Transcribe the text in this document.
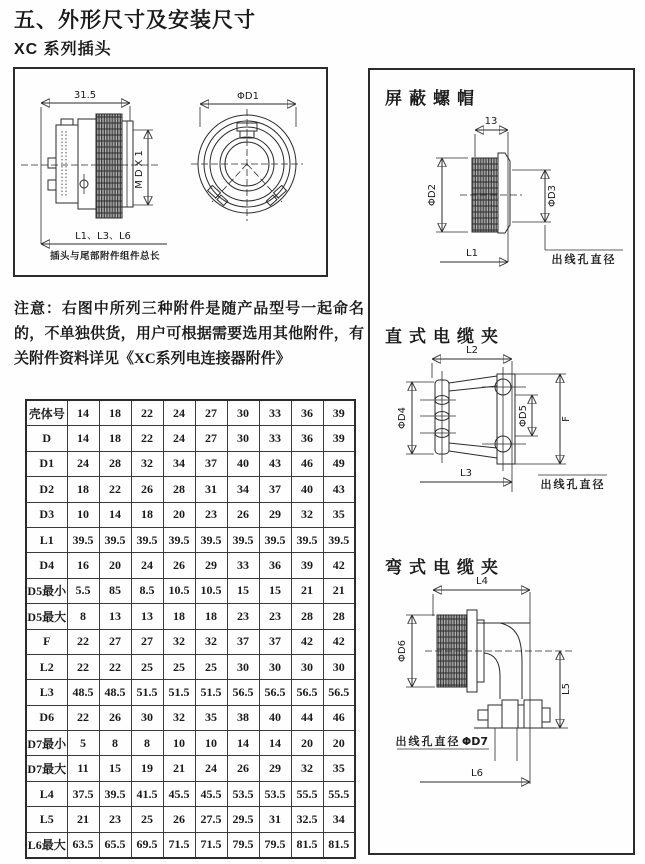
五、外形尺寸及安装尺寸
XC 系列插头
31.5
MDX1
L1、L3、L6
插头与尾部附件组件总长
ΦD1

注意：右图中所列三种附件是随产品型号一起命名的，不单独供货，用户可根据需要选用其他附件，有关附件资料详见《XC系列电连接器附件》

屏蔽螺帽
13
ΦD2	ΦD3
L1	出线孔直径
直式电缆夹
L2
ΦD4	ΦD5	F
L3
出线孔直径
弯式电缆夹
L4
ΦD6
L5
出线孔直径 ΦD7
L6
壳体号	14	18	22	24	27	30	33	36	39
D	14	18	22	24	27	30	33	36	39
D1	24	28	32	34	37	40	43	46	49
D2	18	22	26	28	31	34	37	40	43
D3	10	14	18	20	23	26	29	32	35
L1	39.5	39.5	39.5	39.5	39.5	39.5	39.5	39.5	39.5
D4	16	20	24	26	29	33	36	39	42
D5最小	5.5	85	8.5	10.5	10.5	15	15	21	21
D5最大	8	13	13	18	18	23	23	28	28
F	22	27	27	32	32	37	37	42	42
L2	22	22	25	25	25	30	30	30	30
L3	48.5	48.5	51.5	51.5	51.5	56.5	56.5	56.5	56.5
D6	22	26	30	32	35	38	40	44	46
D7最小	5	8	8	10	10	14	14	20	20
D7最大	11	15	19	21	24	26	29	32	35
L4	37.5	39.5	41.5	45.5	45.5	53.5	53.5	55.5	55.5
L5	21	23	25	26	27.5	29.5	31	32.5	34
L6最大	63.5	65.5	69.5	71.5	71.5	79.5	79.5	81.5	81.5
